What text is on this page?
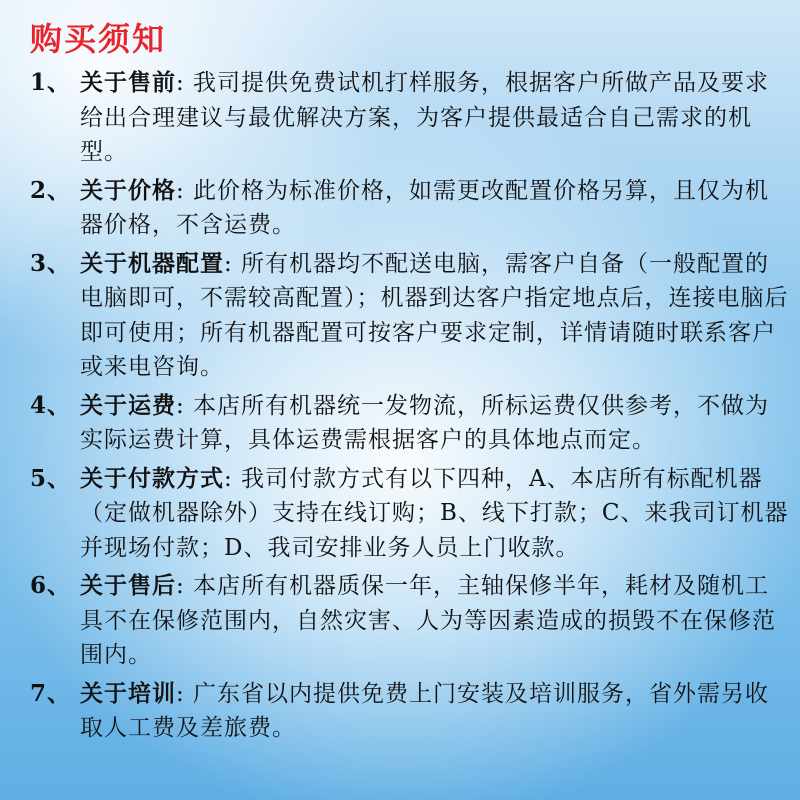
购买须知
1、 关于售前: 我司提供免费试机打样服务，根据客户所做产品及要求给出合理建议与最优解决方案，为客户提供最适合自己需求的机型。
2、 关于价格: 此价格为标准价格，如需更改配置价格另算，且仅为机器价格，不含运费。
3、 关于机器配置: 所有机器均不配送电脑，需客户自备（一般配置的电脑即可，不需较高配置）；机器到达客户指定地点后，连接电脑后即可使用；所有机器配置可按客户要求定制，详情请随时联系客户或来电咨询。
4、 关于运费: 本店所有机器统一发物流，所标运费仅供参考，不做为实际运费计算，具体运费需根据客户的具体地点而定。
5、 关于付款方式: 我司付款方式有以下四种，A、本店所有标配机器（定做机器除外）支持在线订购；B、线下打款；C、来我司订机器并现场付款；D、我司安排业务人员上门收款。
6、 关于售后: 本店所有机器质保一年，主轴保修半年，耗材及随机工具不在保修范围内，自然灾害、人为等因素造成的损毁不在保修范围内。
7、 关于培训: 广东省以内提供免费上门安装及培训服务，省外需另收取人工费及差旅费。
